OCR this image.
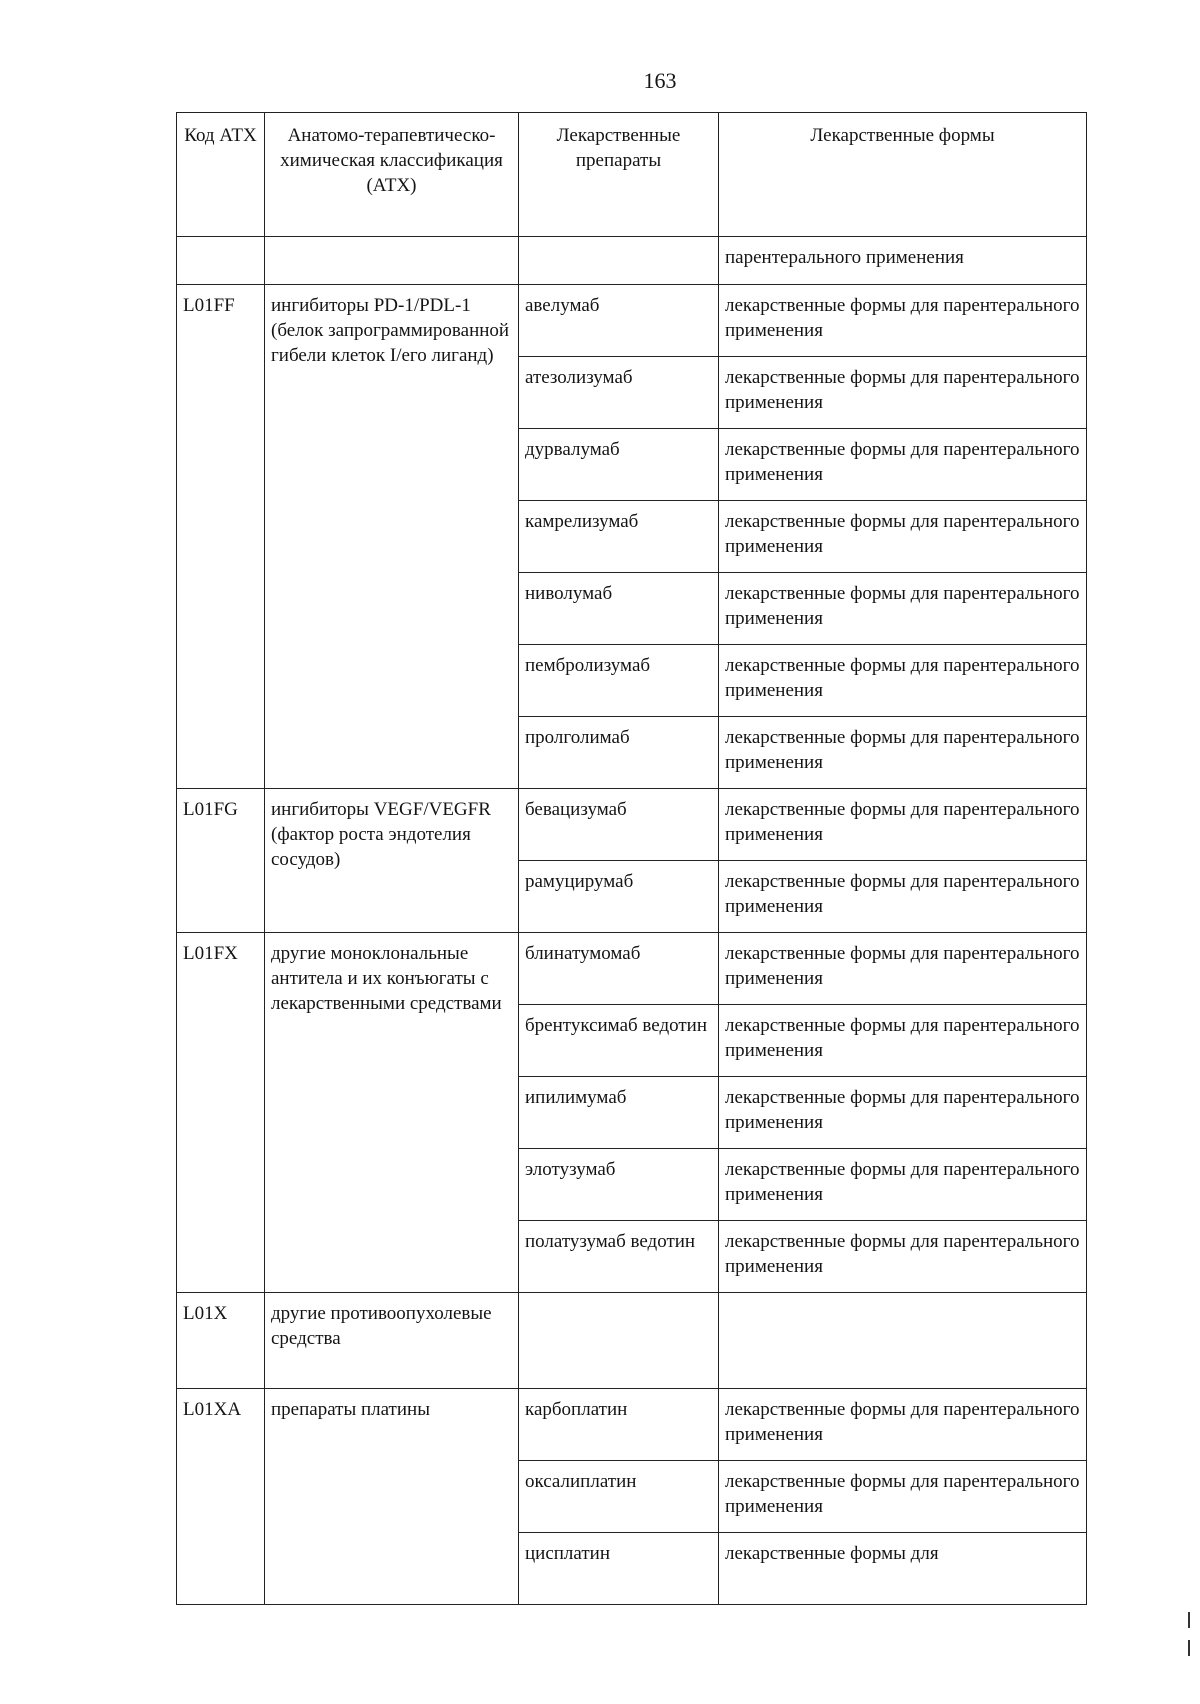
163
Код АТХ	Анатомо-терапевтическо-химическая классификация (АТХ)	Лекарственные препараты	Лекарственные формы
			парентерального применения
L01FF	ингибиторы PD-1/PDL-1 (белок запрограммированной гибели клеток I/его лиганд)	авелумаб	лекарственные формы для парентерального применения
		атезолизумаб	лекарственные формы для парентерального применения
		дурвалумаб	лекарственные формы для парентерального применения
		камрелизумаб	лекарственные формы для парентерального применения
		ниволумаб	лекарственные формы для парентерального применения
		пембролизумаб	лекарственные формы для парентерального применения
		пролголимаб	лекарственные формы для парентерального применения
L01FG	ингибиторы VEGF/VEGFR (фактор роста эндотелия сосудов)	бевацизумаб	лекарственные формы для парентерального применения
		рамуцирумаб	лекарственные формы для парентерального применения
L01FX	другие моноклональные антитела и их конъюгаты с лекарственными средствами	блинатумомаб	лекарственные формы для парентерального применения
		брентуксимаб ведотин	лекарственные формы для парентерального применения
		ипилимумаб	лекарственные формы для парентерального применения
		элотузумаб	лекарственные формы для парентерального применения
		полатузумаб ведотин	лекарственные формы для парентерального применения
L01X	другие противоопухолевые средства		
L01XA	препараты платины	карбоплатин	лекарственные формы для парентерального применения
		оксалиплатин	лекарственные формы для парентерального применения
		цисплатин	лекарственные формы для
